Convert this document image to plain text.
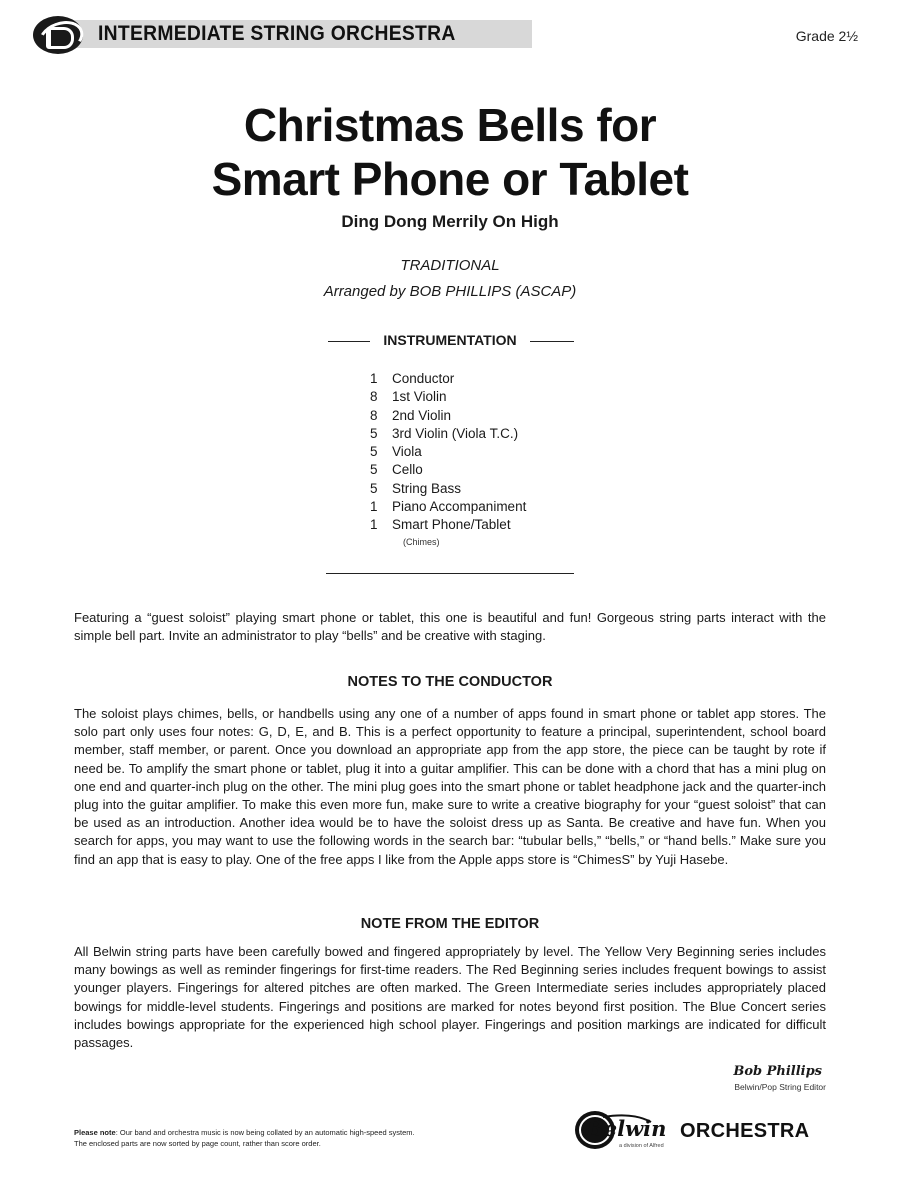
INTERMEDIATE STRING ORCHESTRA	Grade 2½
Christmas Bells for
Smart Phone or Tablet
Ding Dong Merrily On High
TRADITIONAL
Arranged by BOB PHILLIPS (ASCAP)
INSTRUMENTATION
1	Conductor
8	1st Violin
8	2nd Violin
5	3rd Violin (Viola T.C.)
5	Viola
5	Cello
5	String Bass
1	Piano Accompaniment
1	Smart Phone/Tablet
(Chimes)
Featuring a “guest soloist” playing smart phone or tablet, this one is beautiful and fun! Gorgeous string parts interact with the simple bell part. Invite an administrator to play “bells” and be creative with staging.
NOTES TO THE CONDUCTOR
The soloist plays chimes, bells, or handbells using any one of a number of apps found in smart phone or tablet app stores. The solo part only uses four notes: G, D, E, and B. This is a perfect opportunity to feature a principal, superintendent, school board member, staff member, or parent. Once you download an appropriate app from the app store, the piece can be taught by rote if need be. To amplify the smart phone or tablet, plug it into a guitar amplifier. This can be done with a chord that has a mini plug on one end and quarter-inch plug on the other. The mini plug goes into the smart phone or tablet headphone jack and the quarter-inch plug into the guitar amplifier. To make this even more fun, make sure to write a creative biography for your “guest soloist” that can be used as an introduction. Another idea would be to have the soloist dress up as Santa. Be creative and have fun. When you search for apps, you may want to use the following words in the search bar: “tubular bells,” “bells,” or “hand bells.” Make sure you find an app that is easy to play. One of the free apps I like from the Apple apps store is “ChimesS” by Yuji Hasebe.
NOTE FROM THE EDITOR
All Belwin string parts have been carefully bowed and fingered appropriately by level. The Yellow Very Beginning series includes many bowings as well as reminder fingerings for first-time readers. The Red Beginning series includes frequent bowings to assist younger players. Fingerings for altered pitches are often marked. The Green Intermediate series includes appropriately placed bowings for middle-level students. Fingerings and positions are marked for notes beyond first position. The Blue Concert series includes bowings appropriate for the experienced high school player. Fingerings and position markings are indicated for difficult passages.
Bob Phillips
Belwin/Pop String Editor
Please note: Our band and orchestra music is now being collated by an automatic high-speed system.
The enclosed parts are now sorted by page count, rather than score order.
Belwin ORCHESTRA
a division of Alfred
